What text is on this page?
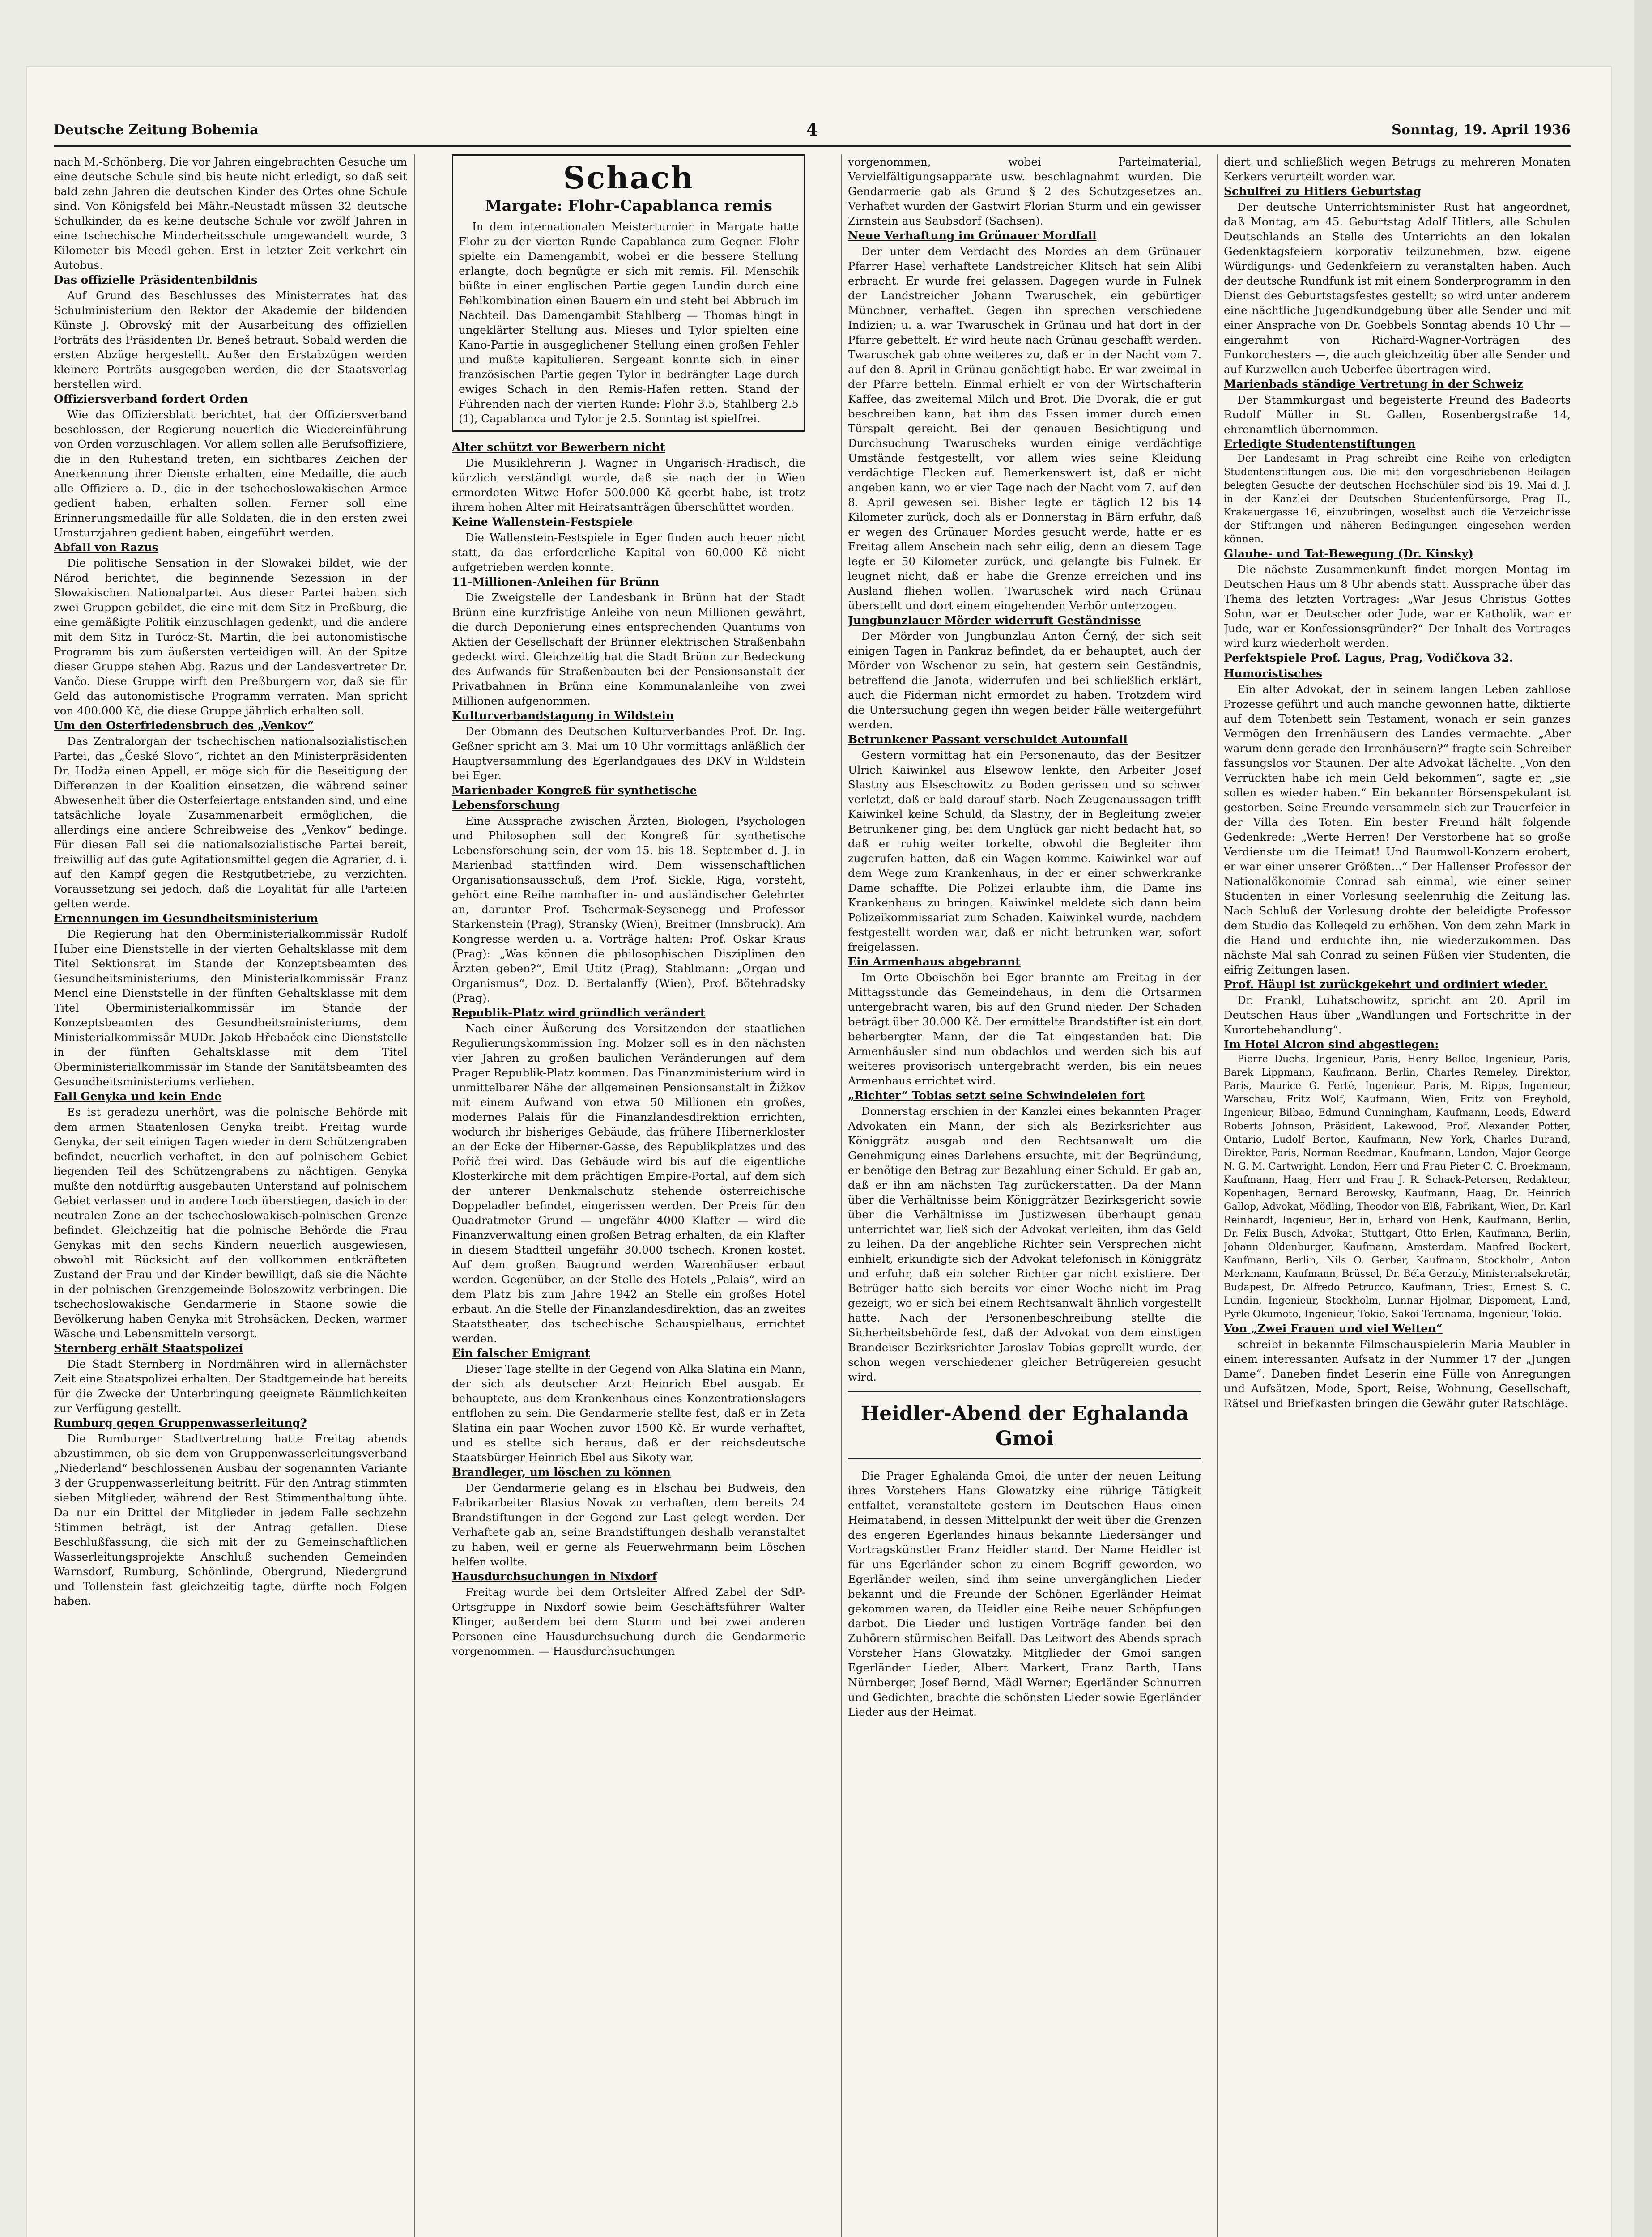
Deutsche Zeitung Bohemia	4	Sonntag, 19. April 1936

nach M.-Schönberg. Die vor Jahren eingebrachten Gesuche um eine deutsche Schule sind bis heute nicht erledigt, so daß seit bald zehn Jahren die deutschen Kinder des Ortes ohne Schule sind. Von Königsfeld bei Mähr.-Neustadt müssen 32 deutsche Schulkinder, da es keine deutsche Schule vor zwölf Jahren in eine tschechische Minderheitsschule umgewandelt wurde, 3 Kilometer bis Meedl gehen. Erst in letzter Zeit verkehrt ein Autobus.

Das offizielle Präsidentenbildnis

Auf Grund des Beschlusses des Ministerrates hat das Schulministerium den Rektor der Akademie der bildenden Künste J. Obrovský mit der Ausarbeitung des offiziellen Porträts des Präsidenten Dr. Beneš betraut. Sobald werden die ersten Abzüge hergestellt. Außer den Erstabzügen werden kleinere Porträts ausgegeben werden, die der Staatsverlag herstellen wird.

Offiziersverband fordert Orden

Wie das Offiziersblatt berichtet, hat der Offiziersverband beschlossen, der Regierung neuerlich die Wiedereinführung von Orden vorzuschlagen. Vor allem sollen alle Berufsoffiziere, die in den Ruhestand treten, ein sichtbares Zeichen der Anerkennung ihrer Dienste erhalten, eine Medaille, die auch alle Offiziere a. D., die in der tschechoslowakischen Armee gedient haben, erhalten sollen. Ferner soll eine Erinnerungsmedaille für alle Soldaten, die in den ersten zwei Umsturzjahren gedient haben, eingeführt werden.

Abfall von Razus

Die politische Sensation in der Slowakei bildet, wie der Národ berichtet, die beginnende Sezession in der Slowakischen Nationalpartei. Aus dieser Partei haben sich zwei Gruppen gebildet, die eine mit dem Sitz in Preßburg, die eine gemäßigte Politik einzuschlagen gedenkt, und die andere mit dem Sitz in Turócz-St. Martin, die bei autonomistische Programm bis zum äußersten verteidigen will. An der Spitze dieser Gruppe stehen Abg. Razus und der Landesvertreter Dr. Vančo. Diese Gruppe wirft den Preßburgern vor, daß sie für Geld das autonomistische Programm verraten. Man spricht von 400.000 Kč, die diese Gruppe jährlich erhalten soll.

Um den Osterfriedensbruch des „Venkov“

Das Zentralorgan der tschechischen nationalsozialistischen Partei, das „České Slovo“, richtet an den Ministerpräsidenten Dr. Hodža einen Appell, er möge sich für die Beseitigung der Differenzen in der Koalition einsetzen, die während seiner Abwesenheit über die Osterfeiertage entstanden sind, und eine tatsächliche loyale Zusammenarbeit ermöglichen, die allerdings eine andere Schreibweise des „Venkov“ bedinge. Für diesen Fall sei die nationalsozialistische Partei bereit, freiwillig auf das gute Agitationsmittel gegen die Agrarier, d. i. auf den Kampf gegen die Restgutbetriebe, zu verzichten. Voraussetzung sei jedoch, daß die Loyalität für alle Parteien gelten werde.

Ernennungen im Gesundheitsministerium

Die Regierung hat den Oberministerialkommissär Rudolf Huber eine Dienststelle in der vierten Gehaltsklasse mit dem Titel Sektionsrat im Stande der Konzeptsbeamten des Gesundheitsministeriums, den Ministerialkommissär Franz Mencl eine Dienststelle in der fünften Gehaltsklasse mit dem Titel Oberministerialkommissär im Stande der Konzeptsbeamten des Gesundheitsministeriums, dem Ministerialkommissär MUDr. Jakob Hřebaček eine Dienststelle in der fünften Gehaltsklasse mit dem Titel Oberministerialkommissär im Stande der Sanitätsbeamten des Gesundheitsministeriums verliehen.

Fall Genyka und kein Ende

Es ist geradezu unerhört, was die polnische Behörde mit dem armen Staatenlosen Genyka treibt. Freitag wurde Genyka, der seit einigen Tagen wieder in dem Schützengraben befindet, neuerlich verhaftet, in den auf polnischem Gebiet liegenden Teil des Schützengrabens zu nächtigen. Genyka mußte den notdürftig ausgebauten Unterstand auf polnischem Gebiet verlassen und in andere Loch überstiegen, dasich in der neutralen Zone an der tschechoslowakisch-polnischen Grenze befindet. Gleichzeitig hat die polnische Behörde die Frau Genykas mit den sechs Kindern neuerlich ausgewiesen, obwohl mit Rücksicht auf den vollkommen entkräfteten Zustand der Frau und der Kinder bewilligt, daß sie die Nächte in der polnischen Grenzgemeinde Boloszowitz verbringen. Die tschechoslowakische Gendarmerie in Staone sowie die Bevölkerung haben Genyka mit Strohsäcken, Decken, warmer Wäsche und Lebensmitteln versorgt.

Sternberg erhält Staatspolizei

Die Stadt Sternberg in Nordmähren wird in allernächster Zeit eine Staatspolizei erhalten. Der Stadtgemeinde hat bereits für die Zwecke der Unterbringung geeignete Räumlichkeiten zur Verfügung gestellt.

Rumburg gegen Gruppenwasserleitung?

Die Rumburger Stadtvertretung hatte Freitag abends abzustimmen, ob sie dem von Gruppenwasserleitungsverband „Niederland“ beschlossenen Ausbau der sogenannten Variante 3 der Gruppenwasserleitung beitritt. Für den Antrag stimmten sieben Mitglieder, während der Rest Stimmenthaltung übte. Da nur ein Drittel der Mitglieder in jedem Falle sechzehn Stimmen beträgt, ist der Antrag gefallen. Diese Beschlußfassung, die sich mit der zu Gemeinschaftlichen Wasserleitungsprojekte Anschluß suchenden Gemeinden Warnsdorf, Rumburg, Schönlinde, Obergrund, Niedergrund und Tollenstein fast gleichzeitig tagte, dürfte noch Folgen haben.

Schach
Margate: Flohr-Capablanca remis

In dem internationalen Meisterturnier in Margate hatte Flohr zu der vierten Runde Capablanca zum Gegner. Flohr spielte ein Damengambit, wobei er die bessere Stellung erlangte, doch begnügte er sich mit remis. Fil. Menschik büßte in einer englischen Partie gegen Lundin durch eine Fehlkombination einen Bauern ein und steht bei Abbruch im Nachteil. Das Damengambit Stahlberg — Thomas hingt in ungeklärter Stellung aus. Mieses und Tylor spielten eine Kano-Partie in ausgeglichener Stellung einen großen Fehler und mußte kapitulieren. Sergeant konnte sich in einer französischen Partie gegen Tylor in bedrängter Lage durch ewiges Schach in den Remis-Hafen retten. Stand der Führenden nach der vierten Runde: Flohr 3.5, Stahlberg 2.5 (1), Capablanca und Tylor je 2.5. Sonntag ist spielfrei.

Alter schützt vor Bewerbern nicht

Die Musiklehrerin J. Wagner in Ungarisch-Hradisch, die kürzlich verständigt wurde, daß sie nach der in Wien ermordeten Witwe Hofer 500.000 Kč geerbt habe, ist trotz ihrem hohen Alter mit Heiratsanträgen überschüttet worden.

Keine Wallenstein-Festspiele

Die Wallenstein-Festspiele in Eger finden auch heuer nicht statt, da das erforderliche Kapital von 60.000 Kč nicht aufgetrieben werden konnte.

11-Millionen-Anleihen für Brünn

Die Zweigstelle der Landesbank in Brünn hat der Stadt Brünn eine kurzfristige Anleihe von neun Millionen gewährt, die durch Deponierung eines entsprechenden Quantums von Aktien der Gesellschaft der Brünner elektrischen Straßenbahn gedeckt wird. Gleichzeitig hat die Stadt Brünn zur Bedeckung des Aufwands für Straßenbauten bei der Pensionsanstalt der Privatbahnen in Brünn eine Kommunalanleihe von zwei Millionen aufgenommen.

Kulturverbandstagung in Wildstein

Der Obmann des Deutschen Kulturverbandes Prof. Dr. Ing. Geßner spricht am 3. Mai um 10 Uhr vormittags anläßlich der Hauptversammlung des Egerlandgaues des DKV in Wildstein bei Eger.

Marienbader Kongreß für synthetische Lebensforschung

Eine Aussprache zwischen Ärzten, Biologen, Psychologen und Philosophen soll der Kongreß für synthetische Lebensforschung sein, der vom 15. bis 18. September d. J. in Marienbad stattfinden wird. Dem wissenschaftlichen Organisationsausschuß, dem Prof. Sickle, Riga, vorsteht, gehört eine Reihe namhafter in- und ausländischer Gelehrter an, darunter Prof. Tschermak-Seysenegg und Professor Starkenstein (Prag), Stransky (Wien), Breitner (Innsbruck). Am Kongresse werden u. a. Vorträge halten: Prof. Oskar Kraus (Prag): „Was können die philosophischen Disziplinen den Ärzten geben?“, Emil Utitz (Prag), Stahlmann: „Organ und Organismus“, Doz. D. Bertalanffy (Wien), Prof. Bötehradsky (Prag).

Republik-Platz wird gründlich verändert

Nach einer Äußerung des Vorsitzenden der staatlichen Regulierungskommission Ing. Molzer soll es in den nächsten vier Jahren zu großen baulichen Veränderungen auf dem Prager Republik-Platz kommen. Das Finanzministerium wird in unmittelbarer Nähe der allgemeinen Pensionsanstalt in Žižkov mit einem Aufwand von etwa 50 Millionen ein großes, modernes Palais für die Finanzlandesdirektion errichten, wodurch ihr bisheriges Gebäude, das frühere Hibernerkloster an der Ecke der Hiberner-Gasse, des Republikplatzes und des Pořič frei wird. Das Gebäude wird bis auf die eigentliche Klosterkirche mit dem prächtigen Empire-Portal, auf dem sich der unterer Denkmalschutz stehende österreichische Doppeladler befindet, eingerissen werden. Der Preis für den Quadratmeter Grund — ungefähr 4000 Klafter — wird die Finanzverwaltung einen großen Betrag erhalten, da ein Klafter in diesem Stadtteil ungefähr 30.000 tschech. Kronen kostet. Auf dem großen Baugrund werden Warenhäuser erbaut werden. Gegenüber, an der Stelle des Hotels „Palais“, wird an dem Platz bis zum Jahre 1942 an Stelle ein großes Hotel erbaut. An die Stelle der Finanzlandesdirektion, das an zweites Staatstheater, das tschechische Schauspielhaus, errichtet werden.

Ein falscher Emigrant

Dieser Tage stellte in der Gegend von Alka Slatina ein Mann, der sich als deutscher Arzt Heinrich Ebel ausgab. Er behauptete, aus dem Krankenhaus eines Konzentrationslagers entflohen zu sein. Die Gendarmerie stellte fest, daß er in Zeta Slatina ein paar Wochen zuvor 1500 Kč. Er wurde verhaftet, und es stellte sich heraus, daß er der reichsdeutsche Staatsbürger Heinrich Ebel aus Sikoty war.

Brandleger, um löschen zu können

Der Gendarmerie gelang es in Elschau bei Budweis, den Fabrikarbeiter Blasius Novak zu verhaften, dem bereits 24 Brandstiftungen in der Gegend zur Last gelegt werden. Der Verhaftete gab an, seine Brandstiftungen deshalb veranstaltet zu haben, weil er gerne als Feuerwehrmann beim Löschen helfen wollte.

Hausdurchsuchungen in Nixdorf

Freitag wurde bei dem Ortsleiter Alfred Zabel der SdP-Ortsgruppe in Nixdorf sowie beim Geschäftsführer Walter Klinger, außerdem bei dem Sturm und bei zwei anderen Personen eine Hausdurchsuchung durch die Gendarmerie vorgenommen. — Hausdurchsuchungen

vorgenommen, wobei Parteimaterial, Vervielfältigungsapparate usw. beschlagnahmt wurden. Die Gendarmerie gab als Grund § 2 des Schutzgesetzes an. Verhaftet wurden der Gastwirt Florian Sturm und ein gewisser Zirnstein aus Saubsdorf (Sachsen).

Neue Verhaftung im Grünauer Mordfall

Der unter dem Verdacht des Mordes an dem Grünauer Pfarrer Hasel verhaftete Landstreicher Klitsch hat sein Alibi erbracht. Er wurde frei gelassen. Dagegen wurde in Fulnek der Landstreicher Johann Twaruschek, ein gebürtiger Münchner, verhaftet. Gegen ihn sprechen verschiedene Indizien; u. a. war Twaruschek in Grünau und hat dort in der Pfarre gebettelt. Er wird heute nach Grünau geschafft werden. Twaruschek gab ohne weiteres zu, daß er in der Nacht vom 7. auf den 8. April in Grünau genächtigt habe. Er war zweimal in der Pfarre betteln. Einmal erhielt er von der Wirtschafterin Kaffee, das zweitemal Milch und Brot. Die Dvorak, die er gut beschreiben kann, hat ihm das Essen immer durch einen Türspalt gereicht. Bei der genauen Besichtigung und Durchsuchung Twaruscheks wurden einige verdächtige Umstände festgestellt, vor allem wies seine Kleidung verdächtige Flecken auf. Bemerkenswert ist, daß er nicht angeben kann, wo er vier Tage nach der Nacht vom 7. auf den 8. April gewesen sei. Bisher legte er täglich 12 bis 14 Kilometer zurück, doch als er Donnerstag in Bärn erfuhr, daß er wegen des Grünauer Mordes gesucht werde, hatte er es Freitag allem Anschein nach sehr eilig, denn an diesem Tage legte er 50 Kilometer zurück, und gelangte bis Fulnek. Er leugnet nicht, daß er habe die Grenze erreichen und ins Ausland fliehen wollen. Twaruschek wird nach Grünau überstellt und dort einem eingehenden Verhör unterzogen.

Jungbunzlauer Mörder widerruft Geständnisse

Der Mörder von Jungbunzlau Anton Černý, der sich seit einigen Tagen in Pankraz befindet, da er behauptet, auch der Mörder von Wschenor zu sein, hat gestern sein Geständnis, betreffend die Janota, widerrufen und bei schließlich erklärt, auch die Fiderman nicht ermordet zu haben. Trotzdem wird die Untersuchung gegen ihn wegen beider Fälle weitergeführt werden.

Betrunkener Passant verschuldet Autounfall

Gestern vormittag hat ein Personenauto, das der Besitzer Ulrich Kaiwinkel aus Elsewow lenkte, den Arbeiter Josef Slastny aus Elseschowitz zu Boden gerissen und so schwer verletzt, daß er bald darauf starb. Nach Zeugenaussagen trifft Kaiwinkel keine Schuld, da Slastny, der in Begleitung zweier Betrunkener ging, bei dem Unglück gar nicht bedacht hat, so daß er ruhig weiter torkelte, obwohl die Begleiter ihm zugerufen hatten, daß ein Wagen komme. Kaiwinkel war auf dem Wege zum Krankenhaus, in der er einer schwerkranke Dame schaffte. Die Polizei erlaubte ihm, die Dame ins Krankenhaus zu bringen. Kaiwinkel meldete sich dann beim Polizeikommissariat zum Schaden. Kaiwinkel wurde, nachdem festgestellt worden war, daß er nicht betrunken war, sofort freigelassen.

Ein Armenhaus abgebrannt

Im Orte Obeischön bei Eger brannte am Freitag in der Mittagsstunde das Gemeindehaus, in dem die Ortsarmen untergebracht waren, bis auf den Grund nieder. Der Schaden beträgt über 30.000 Kč. Der ermittelte Brandstifter ist ein dort beherbergter Mann, der die Tat eingestanden hat. Die Armenhäusler sind nun obdachlos und werden sich bis auf weiteres provisorisch untergebracht werden, bis ein neues Armenhaus errichtet wird.

„Richter“ Tobias setzt seine Schwindeleien fort

Donnerstag erschien in der Kanzlei eines bekannten Prager Advokaten ein Mann, der sich als Bezirksrichter aus Königgrätz ausgab und den Rechtsanwalt um die Genehmigung eines Darlehens ersuchte, mit der Begründung, er benötige den Betrag zur Bezahlung einer Schuld. Er gab an, daß er ihn am nächsten Tag zurückerstatten. Da der Mann über die Verhältnisse beim Königgrätzer Bezirksgericht sowie über die Verhältnisse im Justizwesen überhaupt genau unterrichtet war, ließ sich der Advokat verleiten, ihm das Geld zu leihen. Da der angebliche Richter sein Versprechen nicht einhielt, erkundigte sich der Advokat telefonisch in Königgrätz und erfuhr, daß ein solcher Richter gar nicht existiere. Der Betrüger hatte sich bereits vor einer Woche nicht im Prag gezeigt, wo er sich bei einem Rechtsanwalt ähnlich vorgestellt hatte. Nach der Personenbeschreibung stellte die Sicherheitsbehörde fest, daß der Advokat von dem einstigen Brandeiser Bezirksrichter Jaroslav Tobias geprellt wurde, der schon wegen verschiedener gleicher Betrügereien gesucht wird.

Heidler-Abend der Eghalanda Gmoi

Die Prager Eghalanda Gmoi, die unter der neuen Leitung ihres Vorstehers Hans Glowatzky eine rührige Tätigkeit entfaltet, veranstaltete gestern im Deutschen Haus einen Heimatabend, in dessen Mittelpunkt der weit über die Grenzen des engeren Egerlandes hinaus bekannte Liedersänger und Vortragskünstler Franz Heidler stand. Der Name Heidler ist für uns Egerländer schon zu einem Begriff geworden, wo Egerländer weilen, sind ihm seine unvergänglichen Lieder bekannt und die Freunde der Schönen Egerländer Heimat gekommen waren, da Heidler eine Reihe neuer Schöpfungen darbot. Die Lieder und lustigen Vorträge fanden bei den Zuhörern stürmischen Beifall. Das Leitwort des Abends sprach Vorsteher Hans Glowatzky. Mitglieder der Gmoi sangen Egerländer Lieder, Albert Markert, Franz Barth, Hans Nürnberger, Josef Bernd, Mädl Werner; Egerländer Schnurren und Gedichten, brachte die schönsten Lieder sowie Egerländer Lieder aus der Heimat.

diert und schließlich wegen Betrugs zu mehreren Monaten Kerkers verurteilt worden war.

Schulfrei zu Hitlers Geburtstag

Der deutsche Unterrichtsminister Rust hat angeordnet, daß Montag, am 45. Geburtstag Adolf Hitlers, alle Schulen Deutschlands an Stelle des Unterrichts an den lokalen Gedenktagsfeiern korporativ teilzunehmen, bzw. eigene Würdigungs- und Gedenkfeiern zu veranstalten haben. Auch der deutsche Rundfunk ist mit einem Sonderprogramm in den Dienst des Geburtstagsfestes gestellt; so wird unter anderem eine nächtliche Jugendkundgebung über alle Sender und mit einer Ansprache von Dr. Goebbels Sonntag abends 10 Uhr — eingerahmt von Richard-Wagner-Vorträgen des Funkorchesters —, die auch gleichzeitig über alle Sender und auf Kurzwellen auch Ueberfee übertragen wird.

Marienbads ständige Vertretung in der Schweiz

Der Stammkurgast und begeisterte Freund des Badeorts Rudolf Müller in St. Gallen, Rosenbergstraße 14, ehrenamtlich übernommen.

Erledigte Studentenstiftungen

Der Landesamt in Prag schreibt eine Reihe von erledigten Studentenstiftungen aus. Die mit den vorgeschriebenen Beilagen belegten Gesuche der deutschen Hochschüler sind bis 19. Mai d. J. in der Kanzlei der Deutschen Studentenfürsorge, Prag II., Krakauergasse 16, einzubringen, woselbst auch die Verzeichnisse der Stiftungen und näheren Bedingungen eingesehen werden können.

Glaube- und Tat-Bewegung (Dr. Kinsky)

Die nächste Zusammenkunft findet morgen Montag im Deutschen Haus um 8 Uhr abends statt. Aussprache über das Thema des letzten Vortrages: „War Jesus Christus Gottes Sohn, war er Deutscher oder Jude, war er Katholik, war er Jude, war er Konfessionsgründer?“ Der Inhalt des Vortrages wird kurz wiederholt werden.

Perfektspiele Prof. Lagus, Prag, Vodičkova 32.

Humoristisches

Ein alter Advokat, der in seinem langen Leben zahllose Prozesse geführt und auch manche gewonnen hatte, diktierte auf dem Totenbett sein Testament, wonach er sein ganzes Vermögen den Irrenhäusern des Landes vermachte. „Aber warum denn gerade den Irrenhäusern?“ fragte sein Schreiber fassungslos vor Staunen. Der alte Advokat lächelte. „Von den Verrückten habe ich mein Geld bekommen“, sagte er, „sie sollen es wieder haben.“ Ein bekannter Börsenspekulant ist gestorben. Seine Freunde versammeln sich zur Trauerfeier in der Villa des Toten. Ein bester Freund hält folgende Gedenkrede: „Werte Herren! Der Verstorbene hat so große Verdienste um die Heimat! Und Baumwoll-Konzern erobert, er war einer unserer Größten...“ Der Hallenser Professor der Nationalökonomie Conrad sah einmal, wie einer seiner Studenten in einer Vorlesung seelenruhig die Zeitung las. Nach Schluß der Vorlesung drohte der beleidigte Professor dem Studio das Kollegeld zu erhöhen. Von dem zehn Mark in die Hand und erduchte ihn, nie wiederzukommen. Das nächste Mal sah Conrad zu seinen Füßen vier Studenten, die eifrig Zeitungen lasen.

Prof. Häupl ist zurückgekehrt und ordiniert wieder.

Dr. Frankl, Luhatschowitz, spricht am 20. April im Deutschen Haus über „Wandlungen und Fortschritte in der Kurortebehandlung“.

Im Hotel Alcron sind abgestiegen:

Pierre Duchs, Ingenieur, Paris, Henry Belloc, Ingenieur, Paris, Barek Lippmann, Kaufmann, Berlin, Charles Remeley, Direktor, Paris, Maurice G. Ferté, Ingenieur, Paris, M. Ripps, Ingenieur, Warschau, Fritz Wolf, Kaufmann, Wien, Fritz von Freyhold, Ingenieur, Bilbao, Edmund Cunningham, Kaufmann, Leeds, Edward Roberts Johnson, Präsident, Lakewood, Prof. Alexander Potter, Ontario, Ludolf Berton, Kaufmann, New York, Charles Durand, Direktor, Paris, Norman Reedman, Kaufmann, London, Major George N. G. M. Cartwright, London, Herr und Frau Pieter C. C. Broekmann, Kaufmann, Haag, Herr und Frau J. R. Schack-Petersen, Redakteur, Kopenhagen, Bernard Berowsky, Kaufmann, Haag, Dr. Heinrich Gallop, Advokat, Mödling, Theodor von Elß, Fabrikant, Wien, Dr. Karl Reinhardt, Ingenieur, Berlin, Erhard von Henk, Kaufmann, Berlin, Dr. Felix Busch, Advokat, Stuttgart, Otto Erlen, Kaufmann, Berlin, Johann Oldenburger, Kaufmann, Amsterdam, Manfred Bockert, Kaufmann, Berlin, Nils O. Gerber, Kaufmann, Stockholm, Anton Merkmann, Kaufmann, Brüssel, Dr. Béla Gerzuly, Ministerialsekretär, Budapest, Dr. Alfredo Petrucco, Kaufmann, Triest, Ernest S. C. Lundin, Ingenieur, Stockholm, Lunnar Hjolmar, Dispoment, Lund, Pyrle Okumoto, Ingenieur, Tokio, Sakoi Teranama, Ingenieur, Tokio.

Von „Zwei Frauen und viel Welten“

schreibt in bekannte Filmschauspielerin Maria Maubler in einem interessanten Aufsatz in der Nummer 17 der „Jungen Dame“. Daneben findet Leserin eine Fülle von Anregungen und Aufsätzen, Mode, Sport, Reise, Wohnung, Gesellschaft, Rätsel und Briefkasten bringen die Gewähr guter Ratschläge.
